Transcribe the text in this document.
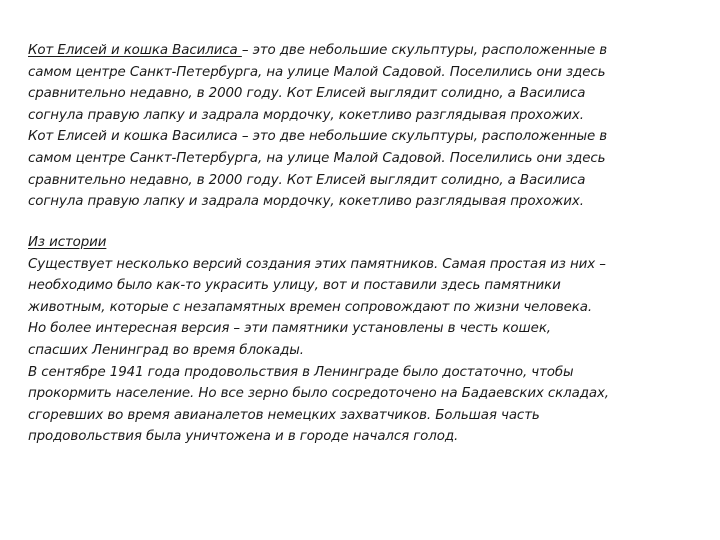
Кот Елисей и кошка Василиса – это две небольшие скульптуры, расположенные в
самом центре Санкт-Петербурга, на улице Малой Садовой. Поселились они здесь
сравнительно недавно, в 2000 году. Кот Елисей выглядит солидно, а Василиса
согнула правую лапку и задрала мордочку, кокетливо разглядывая прохожих.
Кот Елисей и кошка Василиса – это две небольшие скульптуры, расположенные в
самом центре Санкт-Петербурга, на улице Малой Садовой. Поселились они здесь
сравнительно недавно, в 2000 году. Кот Елисей выглядит солидно, а Василиса
согнула правую лапку и задрала мордочку, кокетливо разглядывая прохожих.
Из истории
Существует несколько версий создания этих памятников. Самая простая из них –
необходимо было как-то украсить улицу, вот и поставили здесь памятники
животным, которые с незапамятных времен сопровождают по жизни человека.
Но более интересная версия – эти памятники установлены в честь кошек,
спасших Ленинград во время блокады.
В сентябре 1941 года продовольствия в Ленинграде было достаточно, чтобы
прокормить население. Но все зерно было сосредоточено на Бадаевских складах,
сгоревших во время авианалетов немецких захватчиков. Большая часть
продовольствия была уничтожена и в городе начался голод.
